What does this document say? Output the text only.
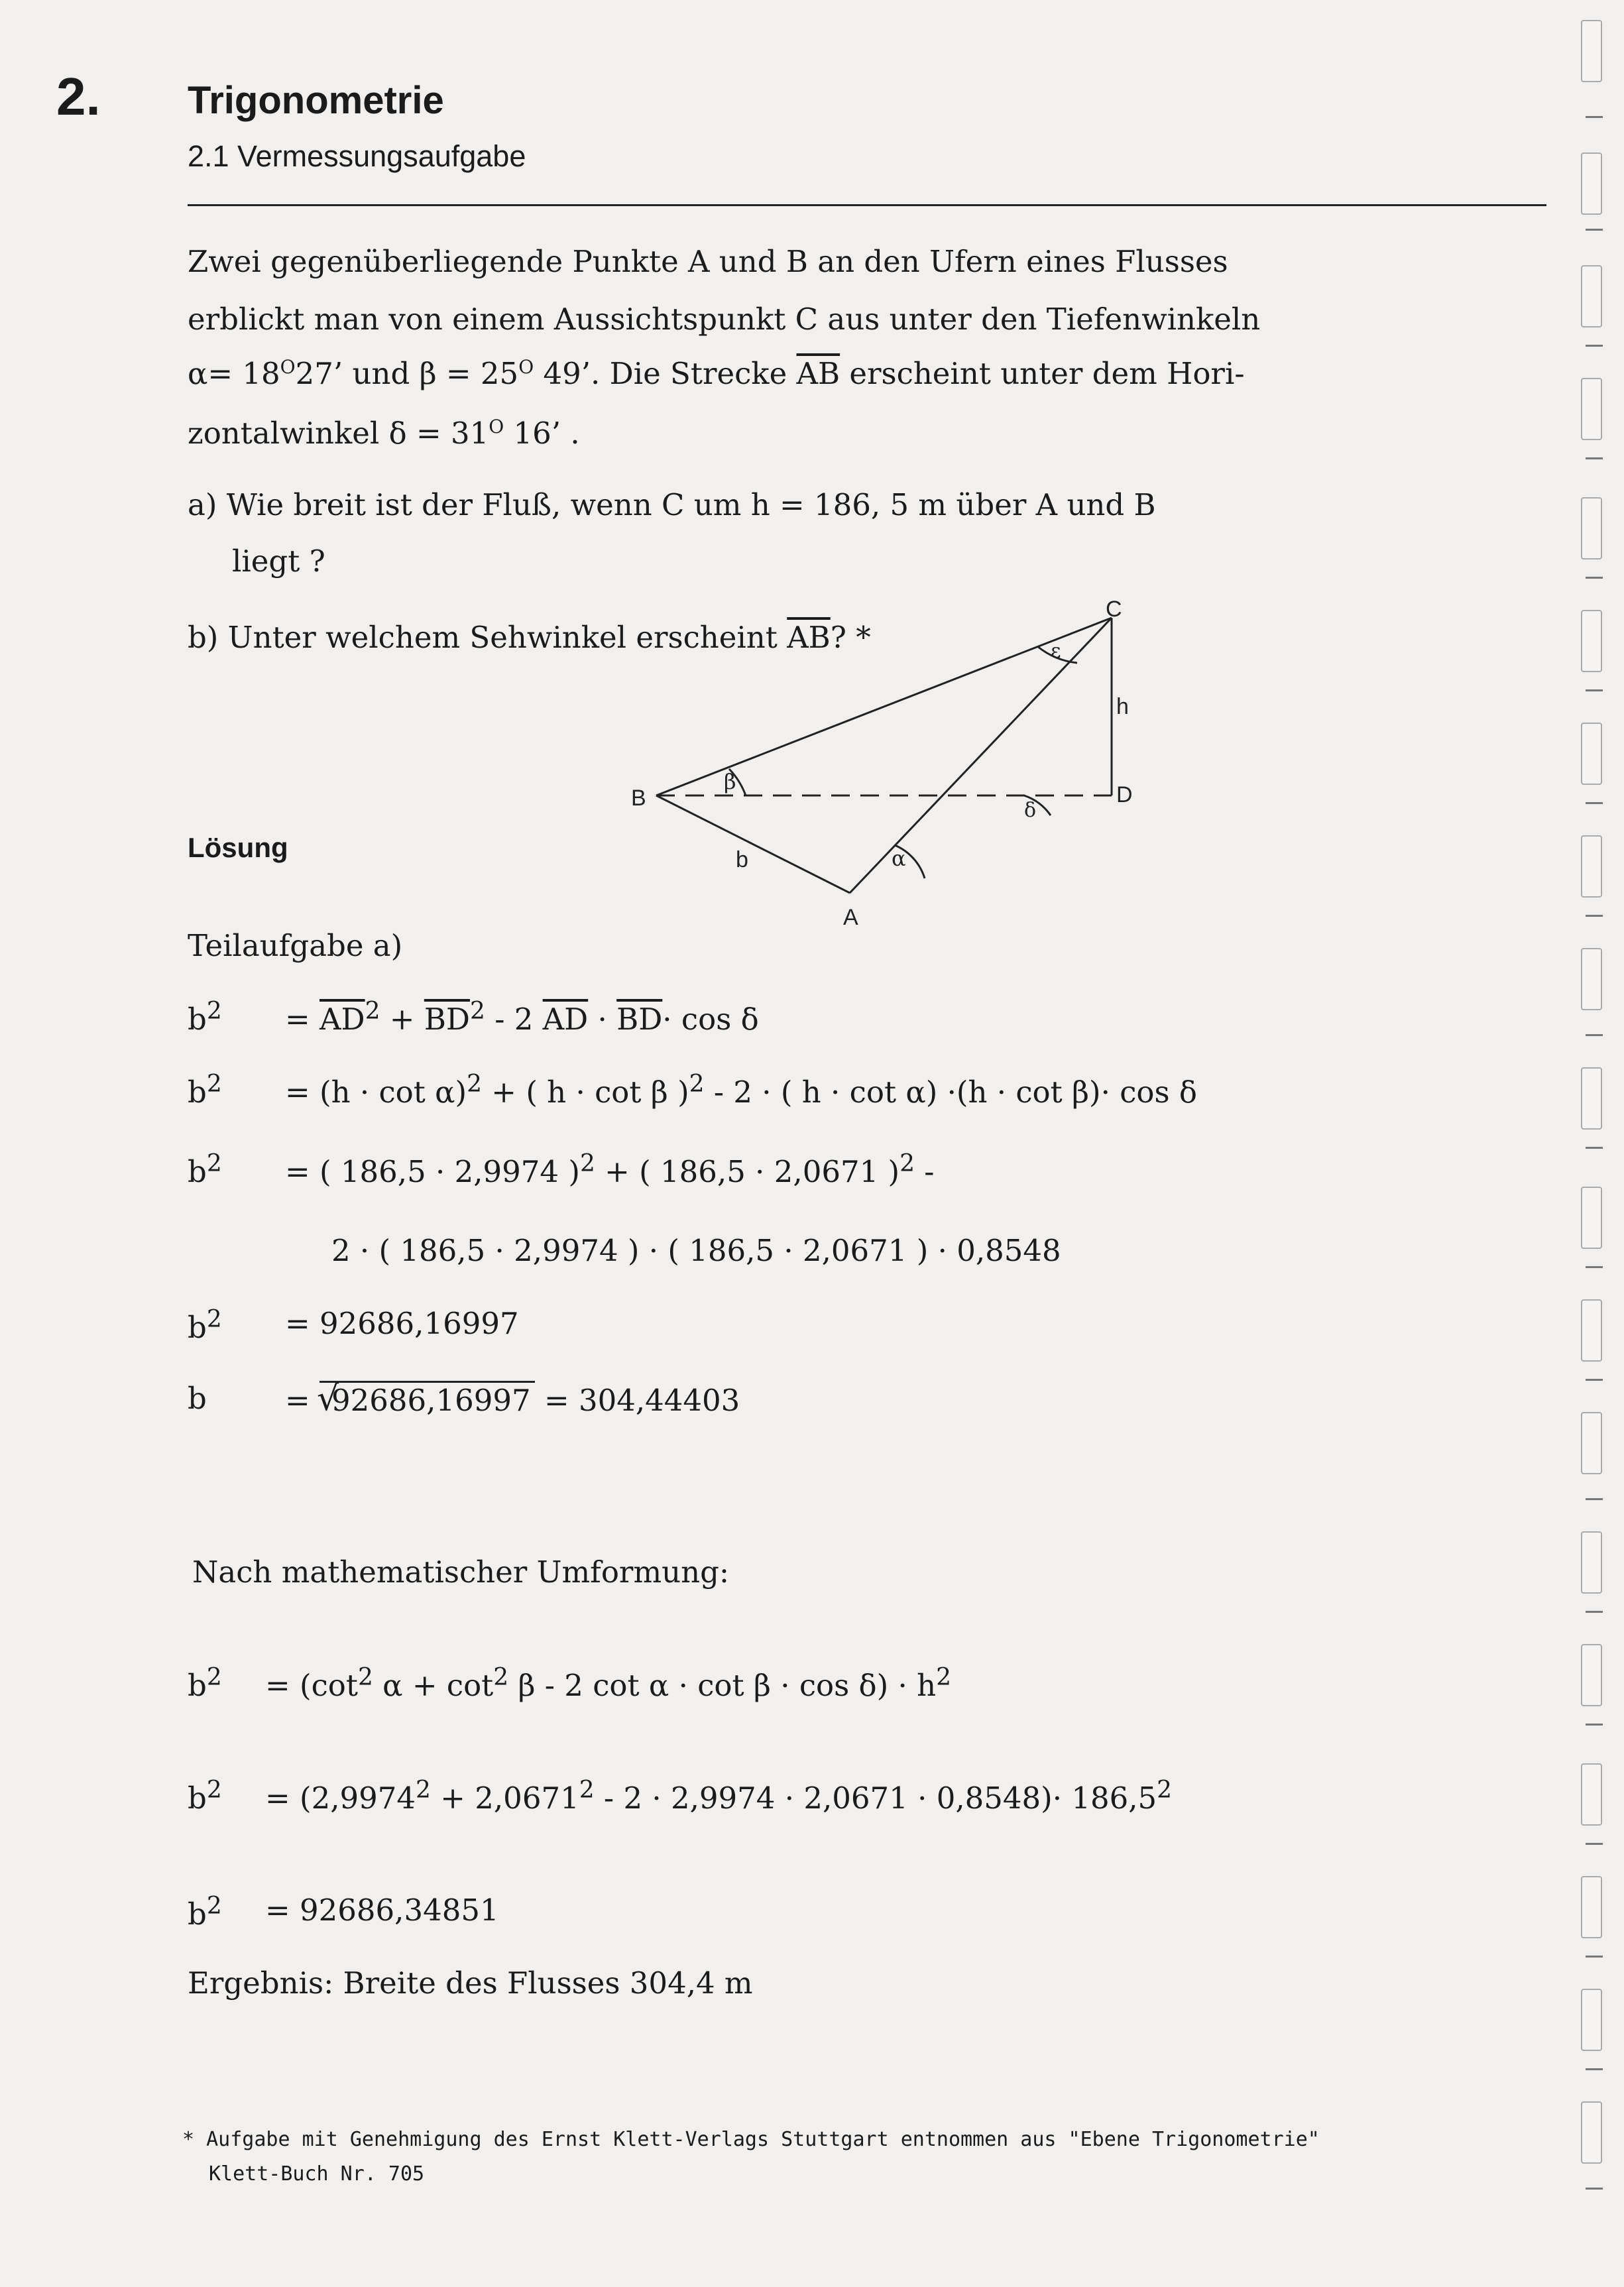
2. Trigonometrie
2.1 Vermessungsaufgabe
Zwei gegenüberliegende Punkte A und B an den Ufern eines Flusses
erblickt man von einem Aussichtspunkt C aus unter den Tiefenwinkeln
$\alpha= 18^O27$’ und $\beta = 25^O$ 49’. Die Strecke $\overline{AB}$ erscheint unter dem Hori-
zontalwinkel $\delta = 31^O$ 16’ .
a) Wie breit ist der Fluß, wenn C um h = 186, 5 m über A und B
liegt ?
b) Unter welchem Sehwinkel erscheint $\overline{AB}$? *
C
B	D
A
h
b
β
α
δ
ε
Lösung
Teilaufgabe a)
$b^2 = \overline{AD}^2 + \overline{BD}^2 - 2$ $\overline{AD} \cdot \overline{BD}\cdot \cos \delta$
$b^2 = (h \cdot \cot \alpha)^2$ + ( h · cot β )$^2$ - 2 · ( h · cot α) ·(h · cot β)· cos δ
$b^2$ = ( 186,5 · 2,9974 )$^2$ + ( 186,5 · 2,0671 )$^2$ -
2 · ( 186,5 · 2,9974 ) · ( 186,5 · 2,0671 ) · 0,8548
$b^2 = 92686,16997$
b	= √
92686,16997 = 304,44403
Nach mathematischer Umformung:
$b^2 = (\cot^2$ $\alpha + \cot^2 \beta - 2$ $\cot \alpha \cdot \cot \beta \cdot \cos \delta) \cdot h^2$
$b^2 = (2,9974^2 + 2,0671^2 - 2 \cdot 2,9974 \cdot 2,0671 \cdot 0,8548)\cdot 186,5^2$
$b^2 = 92686,34851$
Ergebnis: Breite des Flusses 304,4 m
* Aufgabe mit Genehmigung des Ernst Klett-Verlags Stuttgart entnommen aus "Ebene Trigonometrie"
Klett-Buch Nr. 705
